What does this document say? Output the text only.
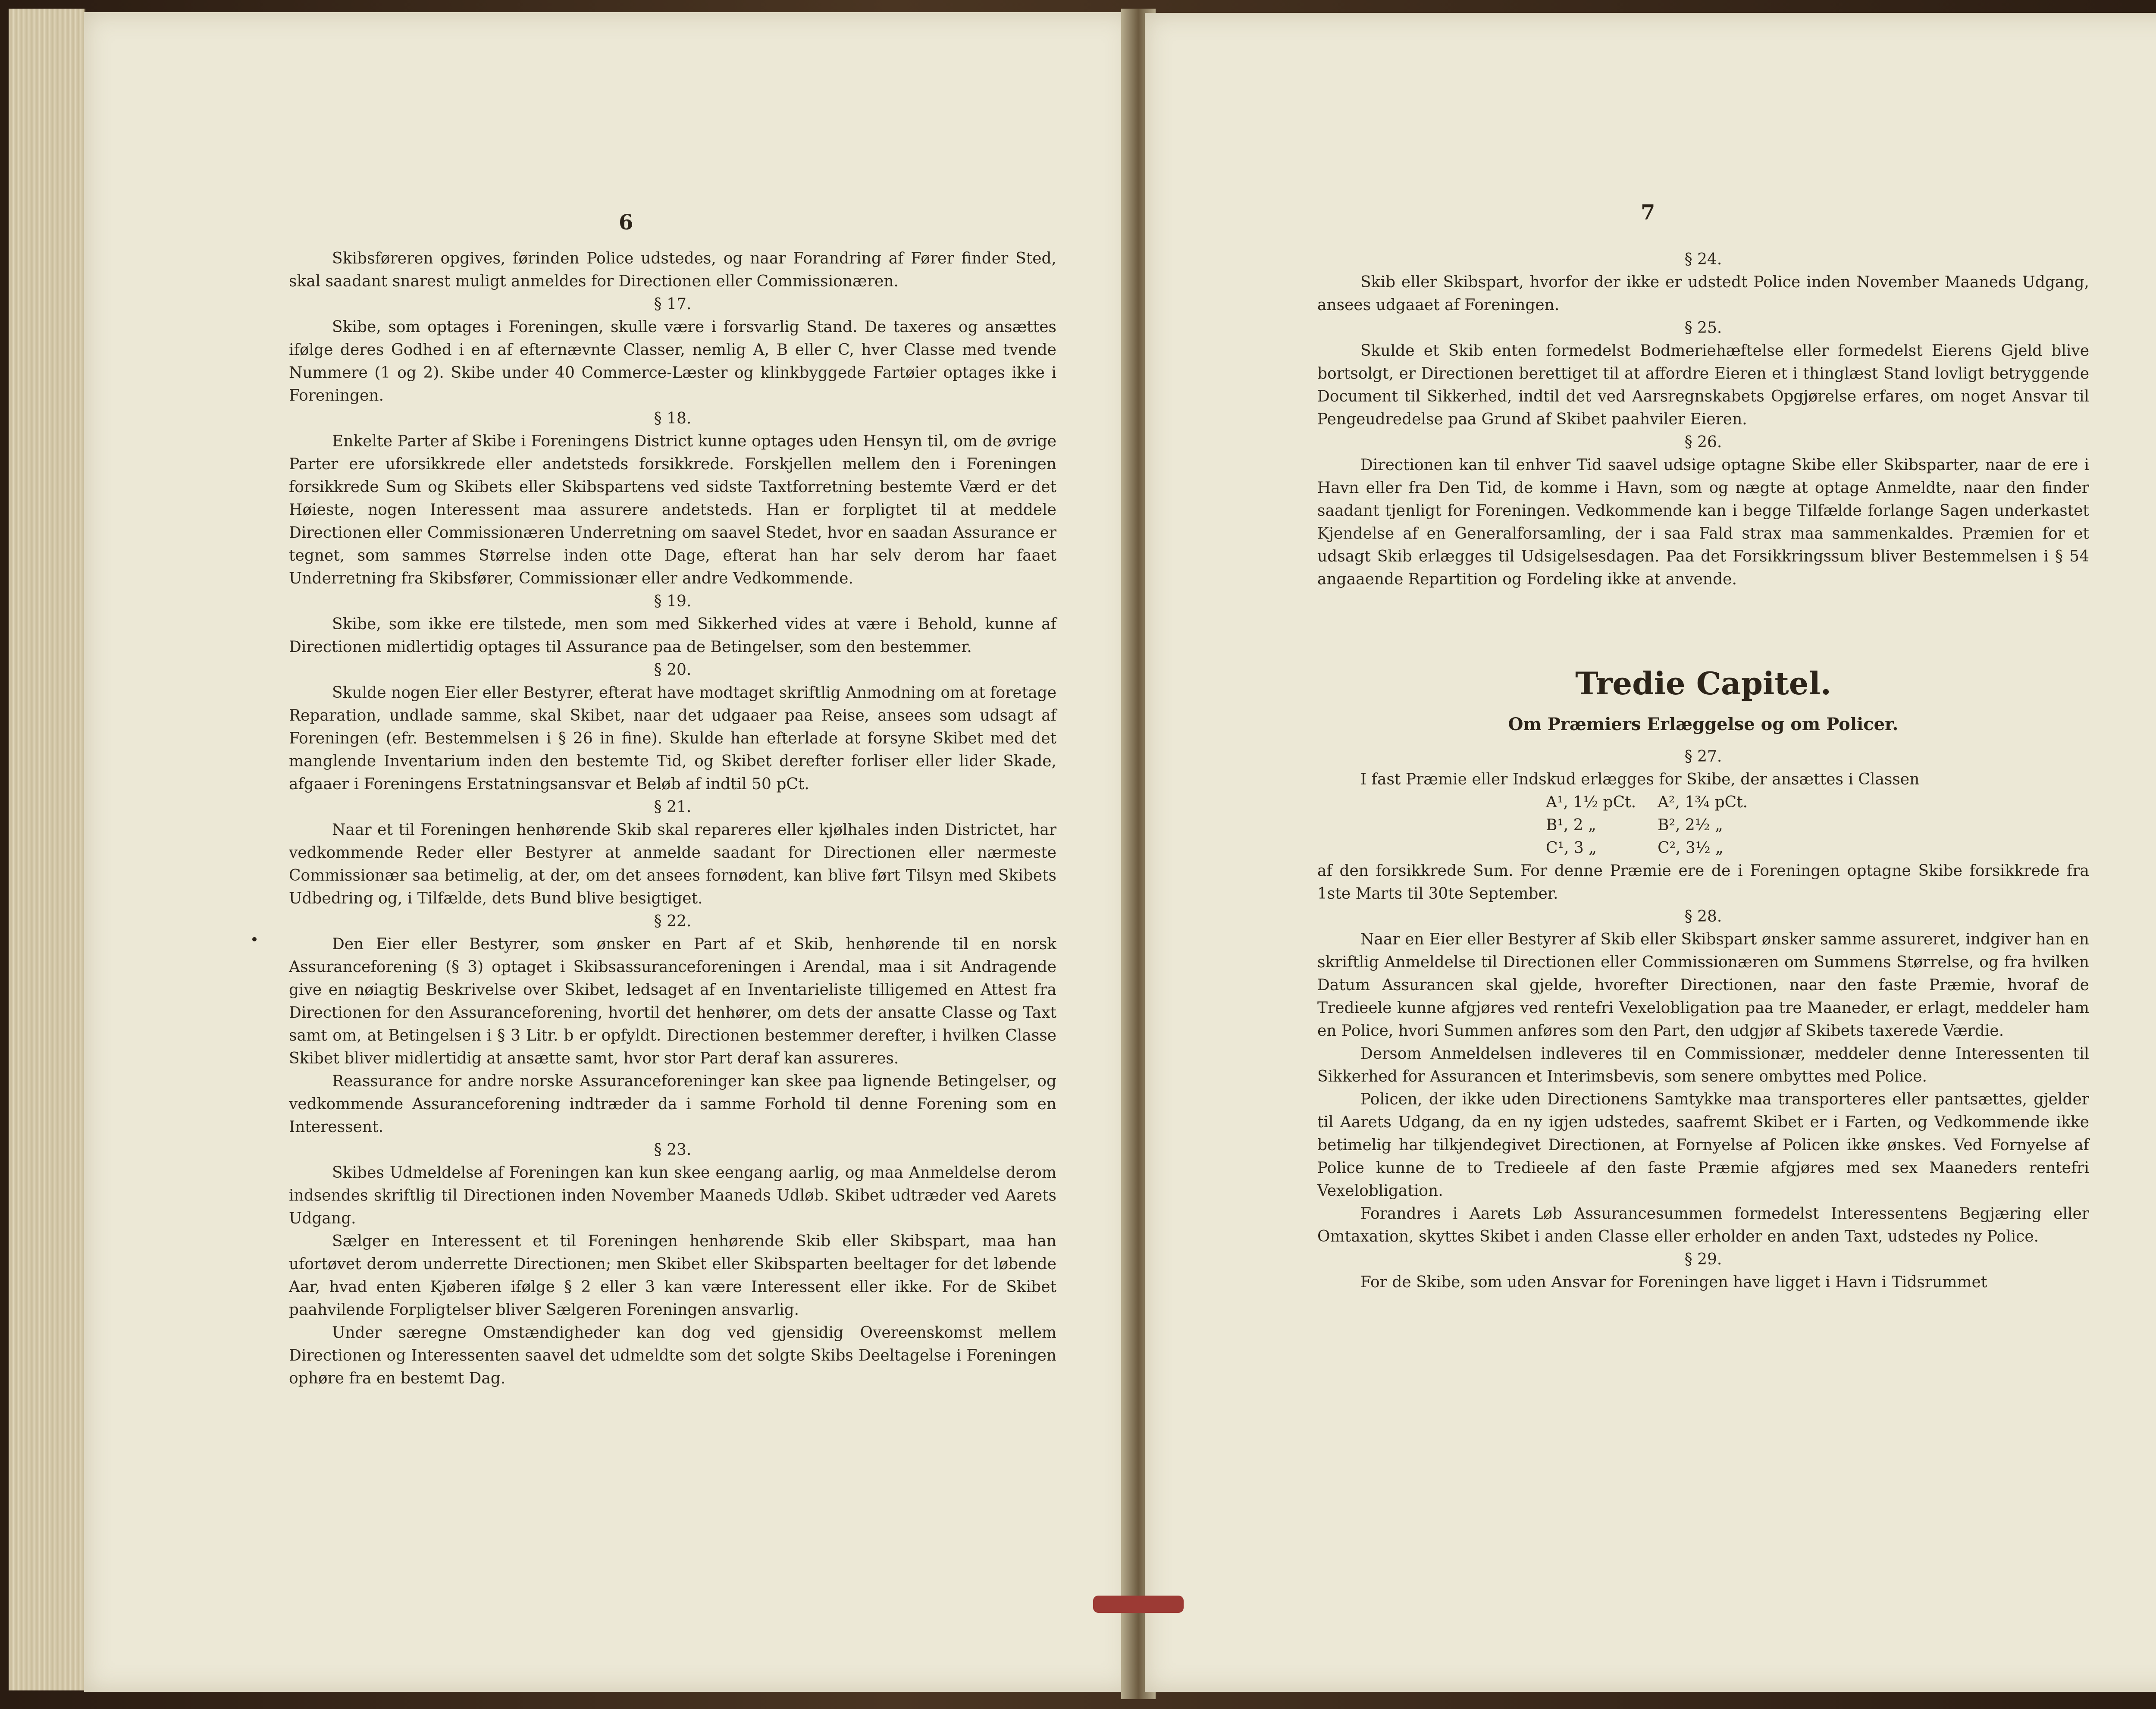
6

Skibsføreren opgives, førinden Police udstedes, og naar Forandring af Fører finder Sted, skal saadant snarest muligt anmeldes for Directionen eller Commissionæren.

§ 17.

Skibe, som optages i Foreningen, skulle være i forsvarlig Stand. De taxeres og ansættes ifølge deres Godhed i en af efternævnte Classer, nemlig A, B eller C, hver Classe med tvende Nummere (1 og 2). Skibe under 40 Commerce-Læster og klinkbyggede Fartøier optages ikke i Foreningen.

§ 18.

Enkelte Parter af Skibe i Foreningens District kunne optages uden Hensyn til, om de øvrige Parter ere uforsikkrede eller andetsteds forsikkrede. Forskjellen mellem den i Foreningen forsikkrede Sum og Skibets eller Skibspartens ved sidste Taxtforretning bestemte Værd er det Høieste, nogen Interessent maa assurere andetsteds. Han er forpligtet til at meddele Directionen eller Commissionæren Underretning om saavel Stedet, hvor en saadan Assurance er tegnet, som sammes Størrelse inden otte Dage, efterat han har selv derom har faaet Underretning fra Skibsfører, Commissionær eller andre Vedkommende.

§ 19.

Skibe, som ikke ere tilstede, men som med Sikkerhed vides at være i Behold, kunne af Directionen midlertidig optages til Assurance paa de Betingelser, som den bestemmer.

§ 20.

Skulde nogen Eier eller Bestyrer, efterat have modtaget skriftlig Anmodning om at foretage Reparation, undlade samme, skal Skibet, naar det udgaaer paa Reise, ansees som udsagt af Foreningen (efr. Bestemmelsen i § 26 in fine). Skulde han efterlade at forsyne Skibet med det manglende Inventarium inden den bestemte Tid, og Skibet derefter forliser eller lider Skade, afgaaer i Foreningens Erstatningsansvar et Beløb af indtil 50 pCt.

§ 21.

Naar et til Foreningen henhørende Skib skal repareres eller kjølhales inden Districtet, har vedkommende Reder eller Bestyrer at anmelde saadant for Directionen eller nærmeste Commissionær saa betimelig, at der, om det ansees fornødent, kan blive ført Tilsyn med Skibets Udbedring og, i Tilfælde, dets Bund blive besigtiget.

§ 22.

Den Eier eller Bestyrer, som ønsker en Part af et Skib, henhørende til en norsk Assuranceforening (§ 3) optaget i Skibsassuranceforeningen i Arendal, maa i sit Andragende give en nøiagtig Beskrivelse over Skibet, ledsaget af en Inventarieliste tilligemed en Attest fra Directionen for den Assuranceforening, hvortil det henhører, om dets der ansatte Classe og Taxt samt om, at Betingelsen i § 3 Litr. b er opfyldt. Directionen bestemmer derefter, i hvilken Classe Skibet bliver midlertidig at ansætte samt, hvor stor Part deraf kan assureres.

Reassurance for andre norske Assuranceforeninger kan skee paa lignende Betingelser, og vedkommende Assuranceforening indtræder da i samme Forhold til denne Forening som en Interessent.

§ 23.

Skibes Udmeldelse af Foreningen kan kun skee eengang aarlig, og maa Anmeldelse derom indsendes skriftlig til Directionen inden November Maaneds Udløb. Skibet udtræder ved Aarets Udgang.

Sælger en Interessent et til Foreningen henhørende Skib eller Skibspart, maa han ufortøvet derom underrette Directionen; men Skibet eller Skibsparten beeltager for det løbende Aar, hvad enten Kjøberen ifølge § 2 eller 3 kan være Interessent eller ikke. For de Skibet paahvilende Forpligtelser bliver Sælgeren Foreningen ansvarlig.

Under særegne Omstændigheder kan dog ved gjensidig Overeenskomst mellem Directionen og Interessenten saavel det udmeldte som det solgte Skibs Deeltagelse i Foreningen ophøre fra en bestemt Dag.

7

§ 24.

Skib eller Skibspart, hvorfor der ikke er udstedt Police inden November Maaneds Udgang, ansees udgaaet af Foreningen.

§ 25.

Skulde et Skib enten formedelst Bodmeriehæftelse eller formedelst Eierens Gjeld blive bortsolgt, er Directionen berettiget til at affordre Eieren et i thinglæst Stand lovligt betryggende Document til Sikkerhed, indtil det ved Aarsregnskabets Opgjørelse erfares, om noget Ansvar til Pengeudredelse paa Grund af Skibet paahviler Eieren.

§ 26.

Directionen kan til enhver Tid saavel udsige optagne Skibe eller Skibsparter, naar de ere i Havn eller fra Den Tid, de komme i Havn, som og nægte at optage Anmeldte, naar den finder saadant tjenligt for Foreningen. Vedkommende kan i begge Tilfælde forlange Sagen underkastet Kjendelse af en Generalforsamling, der i saa Fald strax maa sammenkaldes. Præmien for et udsagt Skib erlægges til Udsigelsesdagen. Paa det Forsikkringssum bliver Bestemmelsen i § 54 angaaende Repartition og Fordeling ikke at anvende.

Tredie Capitel.
Om Præmiers Erlæggelse og om Policer.

§ 27.

I fast Præmie eller Indskud erlægges for Skibe, der ansættes i Classen

A¹, 1½ pCt.	A², 1¾ pCt.
B¹, 2 „	B², 2½ „
C¹, 3 „	C², 3½ „

af den forsikkrede Sum. For denne Præmie ere de i Foreningen optagne Skibe forsikkrede fra 1ste Marts til 30te September.

§ 28.

Naar en Eier eller Bestyrer af Skib eller Skibspart ønsker samme assureret, indgiver han en skriftlig Anmeldelse til Directionen eller Commissionæren om Summens Størrelse, og fra hvilken Datum Assurancen skal gjelde, hvorefter Directionen, naar den faste Præmie, hvoraf de Tredieele kunne afgjøres ved rentefri Vexelobligation paa tre Maaneder, er erlagt, meddeler ham en Police, hvori Summen anføres som den Part, den udgjør af Skibets taxerede Værdie.

Dersom Anmeldelsen indleveres til en Commissionær, meddeler denne Interessenten til Sikkerhed for Assurancen et Interimsbevis, som senere ombyttes med Police.

Policen, der ikke uden Directionens Samtykke maa transporteres eller pantsættes, gjelder til Aarets Udgang, da en ny igjen udstedes, saafremt Skibet er i Farten, og Vedkommende ikke betimelig har tilkjendegivet Directionen, at Fornyelse af Policen ikke ønskes. Ved Fornyelse af Police kunne de to Tredieele af den faste Præmie afgjøres med sex Maaneders rentefri Vexelobligation.

Forandres i Aarets Løb Assurancesummen formedelst Interessentens Begjæring eller Omtaxation, skyttes Skibet i anden Classe eller erholder en anden Taxt, udstedes ny Police.

§ 29.

For de Skibe, som uden Ansvar for Foreningen have ligget i Havn i Tidsrummet
